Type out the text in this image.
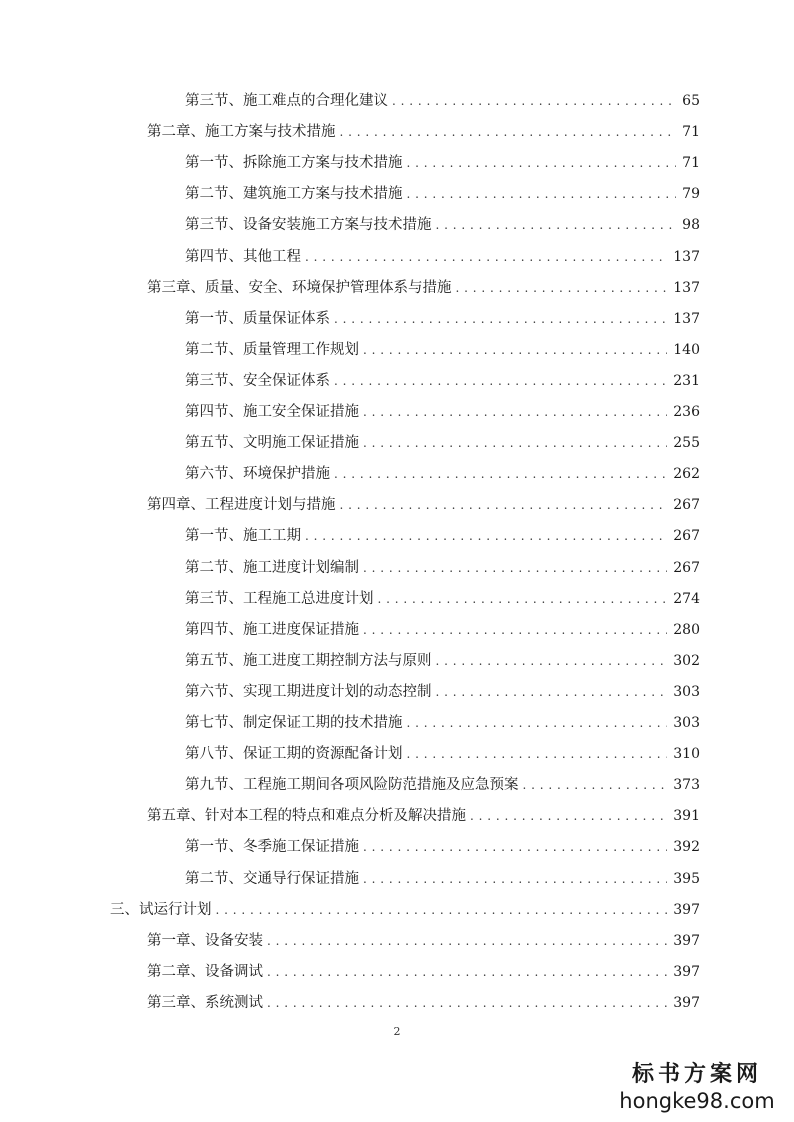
第三节、施工难点的合理化建议 . . .	65
第二章、施工方案与技术措施 . . .	71
第一节、拆除施工方案与技术措施 . . .	71
第二节、建筑施工方案与技术措施 . . .	79
第三节、设备安装施工方案与技术措施 . . .	98
第四节、其他工程 . . .	137
第三章、质量、安全、环境保护管理体系与措施 . . .	137
第一节、质量保证体系 . . .	137
第二节、质量管理工作规划 . . .	140
第三节、安全保证体系 . . .	231
第四节、施工安全保证措施 . . .	236
第五节、文明施工保证措施 . . .	255
第六节、环境保护措施 . . .	262
第四章、工程进度计划与措施 . . .	267
第一节、施工工期 . . .	267
第二节、施工进度计划编制 . . .	267
第三节、工程施工总进度计划 . . .	274
第四节、施工进度保证措施 . . .	280
第五节、施工进度工期控制方法与原则 . . .	302
第六节、实现工期进度计划的动态控制 . . .	303
第七节、制定保证工期的技术措施 . . .	303
第八节、保证工期的资源配备计划 . . .	310
第九节、工程施工期间各项风险防范措施及应急预案 . . .	373
第五章、针对本工程的特点和难点分析及解决措施 . . .	391
第一节、冬季施工保证措施 . . .	392
第二节、交通导行保证措施 . . .	395
三、试运行计划 . . .	397
第一章、设备安装 . . .	397
第二章、设备调试 . . .	397
第三章、系统测试 . . .	397
2
标书方案网
hongke98.com
